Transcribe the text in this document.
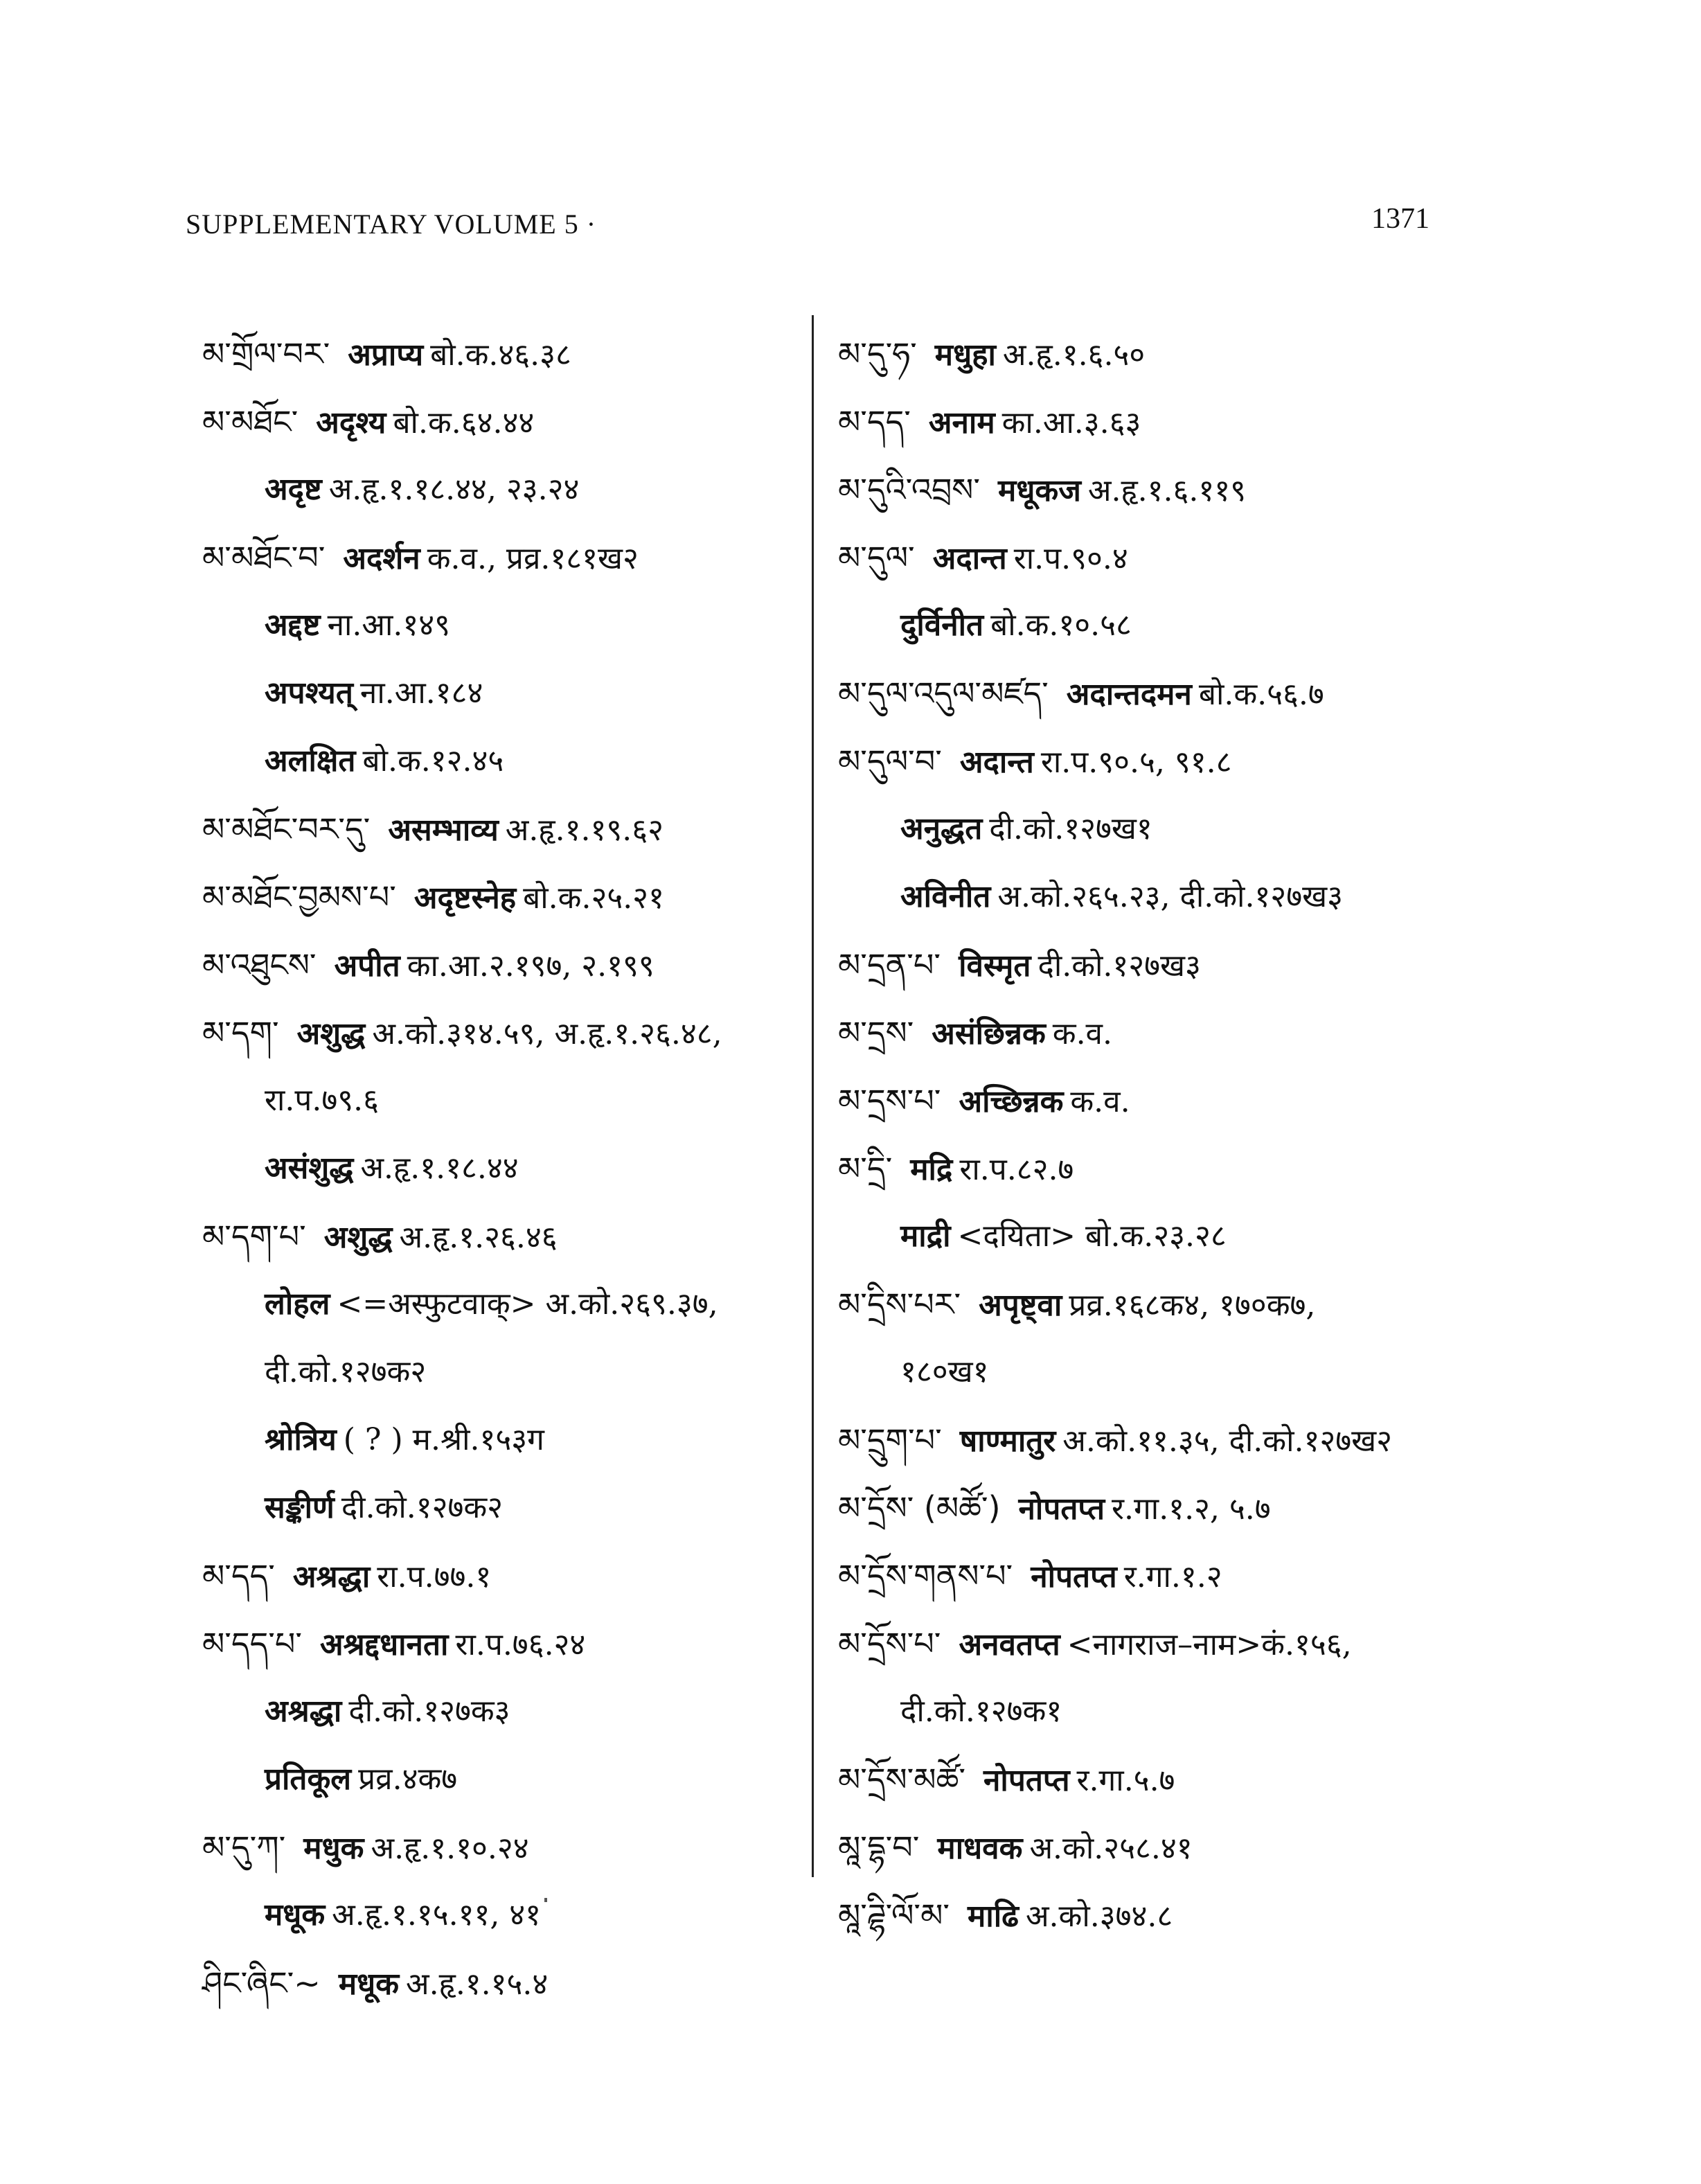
SUPPLEMENTARY VOLUME 5 ·	1371
མ་གྲོལ་བར་ अप्राप्य बो.क.४६.३८
མ་མཐོང་ अदृश्य बो.क.६४.४४
अदृष्ट अ.हृ.१.१८.४४, २३.२४
མ་མཐོང་བ་ अदर्शन क.व., प्रव्र.१८१ख२
अद्दष्ट ना.आ.१४९
अपश्यत् ना.आ.१८४
अलक्षित बो.क.१२.४५
མ་མཐོང་བར་དུ་ असम्भाव्य अ.हृ.१.१९.६२
མ་མཐོང་བྱམས་པ་ अदृष्टस्नेह बो.क.२५.२१
མ་འཐུངས་ अपीत का.आ.२.१९७, २.१९९
མ་དག་ अशुद्ध अ.को.३१४.५९, अ.हृ.१.२६.४८,
रा.प.७९.६
असंशुद्ध अ.हृ.१.१८.४४
མ་དག་པ་ अशुद्ध अ.हृ.१.२६.४६
लोहल <=अस्फुटवाक्> अ.को.२६९.३७,
दी.को.१२७क२
श्रोत्रिय ( ? ) म.श्री.१५३ग
सङ्कीर्ण दी.को.१२७क२
མ་དད་ अश्रद्धा रा.प.७७.१
མ་དད་པ་ अश्रद्दधानता रा.प.७६.२४
अश्रद्धा दी.को.१२७क३
प्रतिकूल प्रव्र.४क७
མ་དུ་ཀ་ मधुक अ.हृ.१.१०.२४
मधूक अ.हृ.१.१५.११, ४१
ཤིང་ཞིང་~ मधूक अ.हृ.१.१५.४
མ་དུ་ཧ་ मधुहा अ.हृ.१.६.५०
མ་དད་ अनाम का.आ.३.६३
མ་དུའི་འབྲས་ मधूकज अ.हृ.१.६.११९
མ་དུལ་ अदान्त रा.प.९०.४
दुर्विनीत बो.क.१०.५८
མ་དུལ་འདུལ་མཛད་ अदान्तदमन बो.क.५६.७
མ་དུལ་བ་ अदान्त रा.प.९०.५, ९१.८
अनुद्धत दी.को.१२७ख१
अविनीत अ.को.२६५.२३, दी.को.१२७ख३
མ་དྲན་པ་ विस्मृत दी.को.१२७ख३
མ་དྲས་ असंछिन्नक क.व.
མ་དྲས་པ་ अच्छिन्नक क.व.
མ་དྲི་ मद्रि रा.प.८२.७
माद्री <दयिता> बो.क.२३.२८
མ་དྲིས་པར་ अपृष्ट्वा प्रव्र.१६८क४, १७०क७,
१८०ख१
མ་དྲུག་པ་ षाण्मातुर अ.को.११.३५, दी.को.१२७ख२
མ་དྲོས་ (མཚོ་) नोपतप्त र.गा.१.२, ५.७
མ་དྲོས་གནས་པ་ नोपतप्त र.गा.१.२
མ་དྲོས་པ་ अनवतप्त <नागराज–नाम>कं.१५६,
दी.को.१२७क१
མ་དྲོས་མཚོ་ नोपतप्त र.गा.५.७
མཱ་དྷ་བ་ माधवक अ.को.२५८.४१
མཱ་ཌྷི་ལོ་མ་ माढि अ.को.३७४.८
